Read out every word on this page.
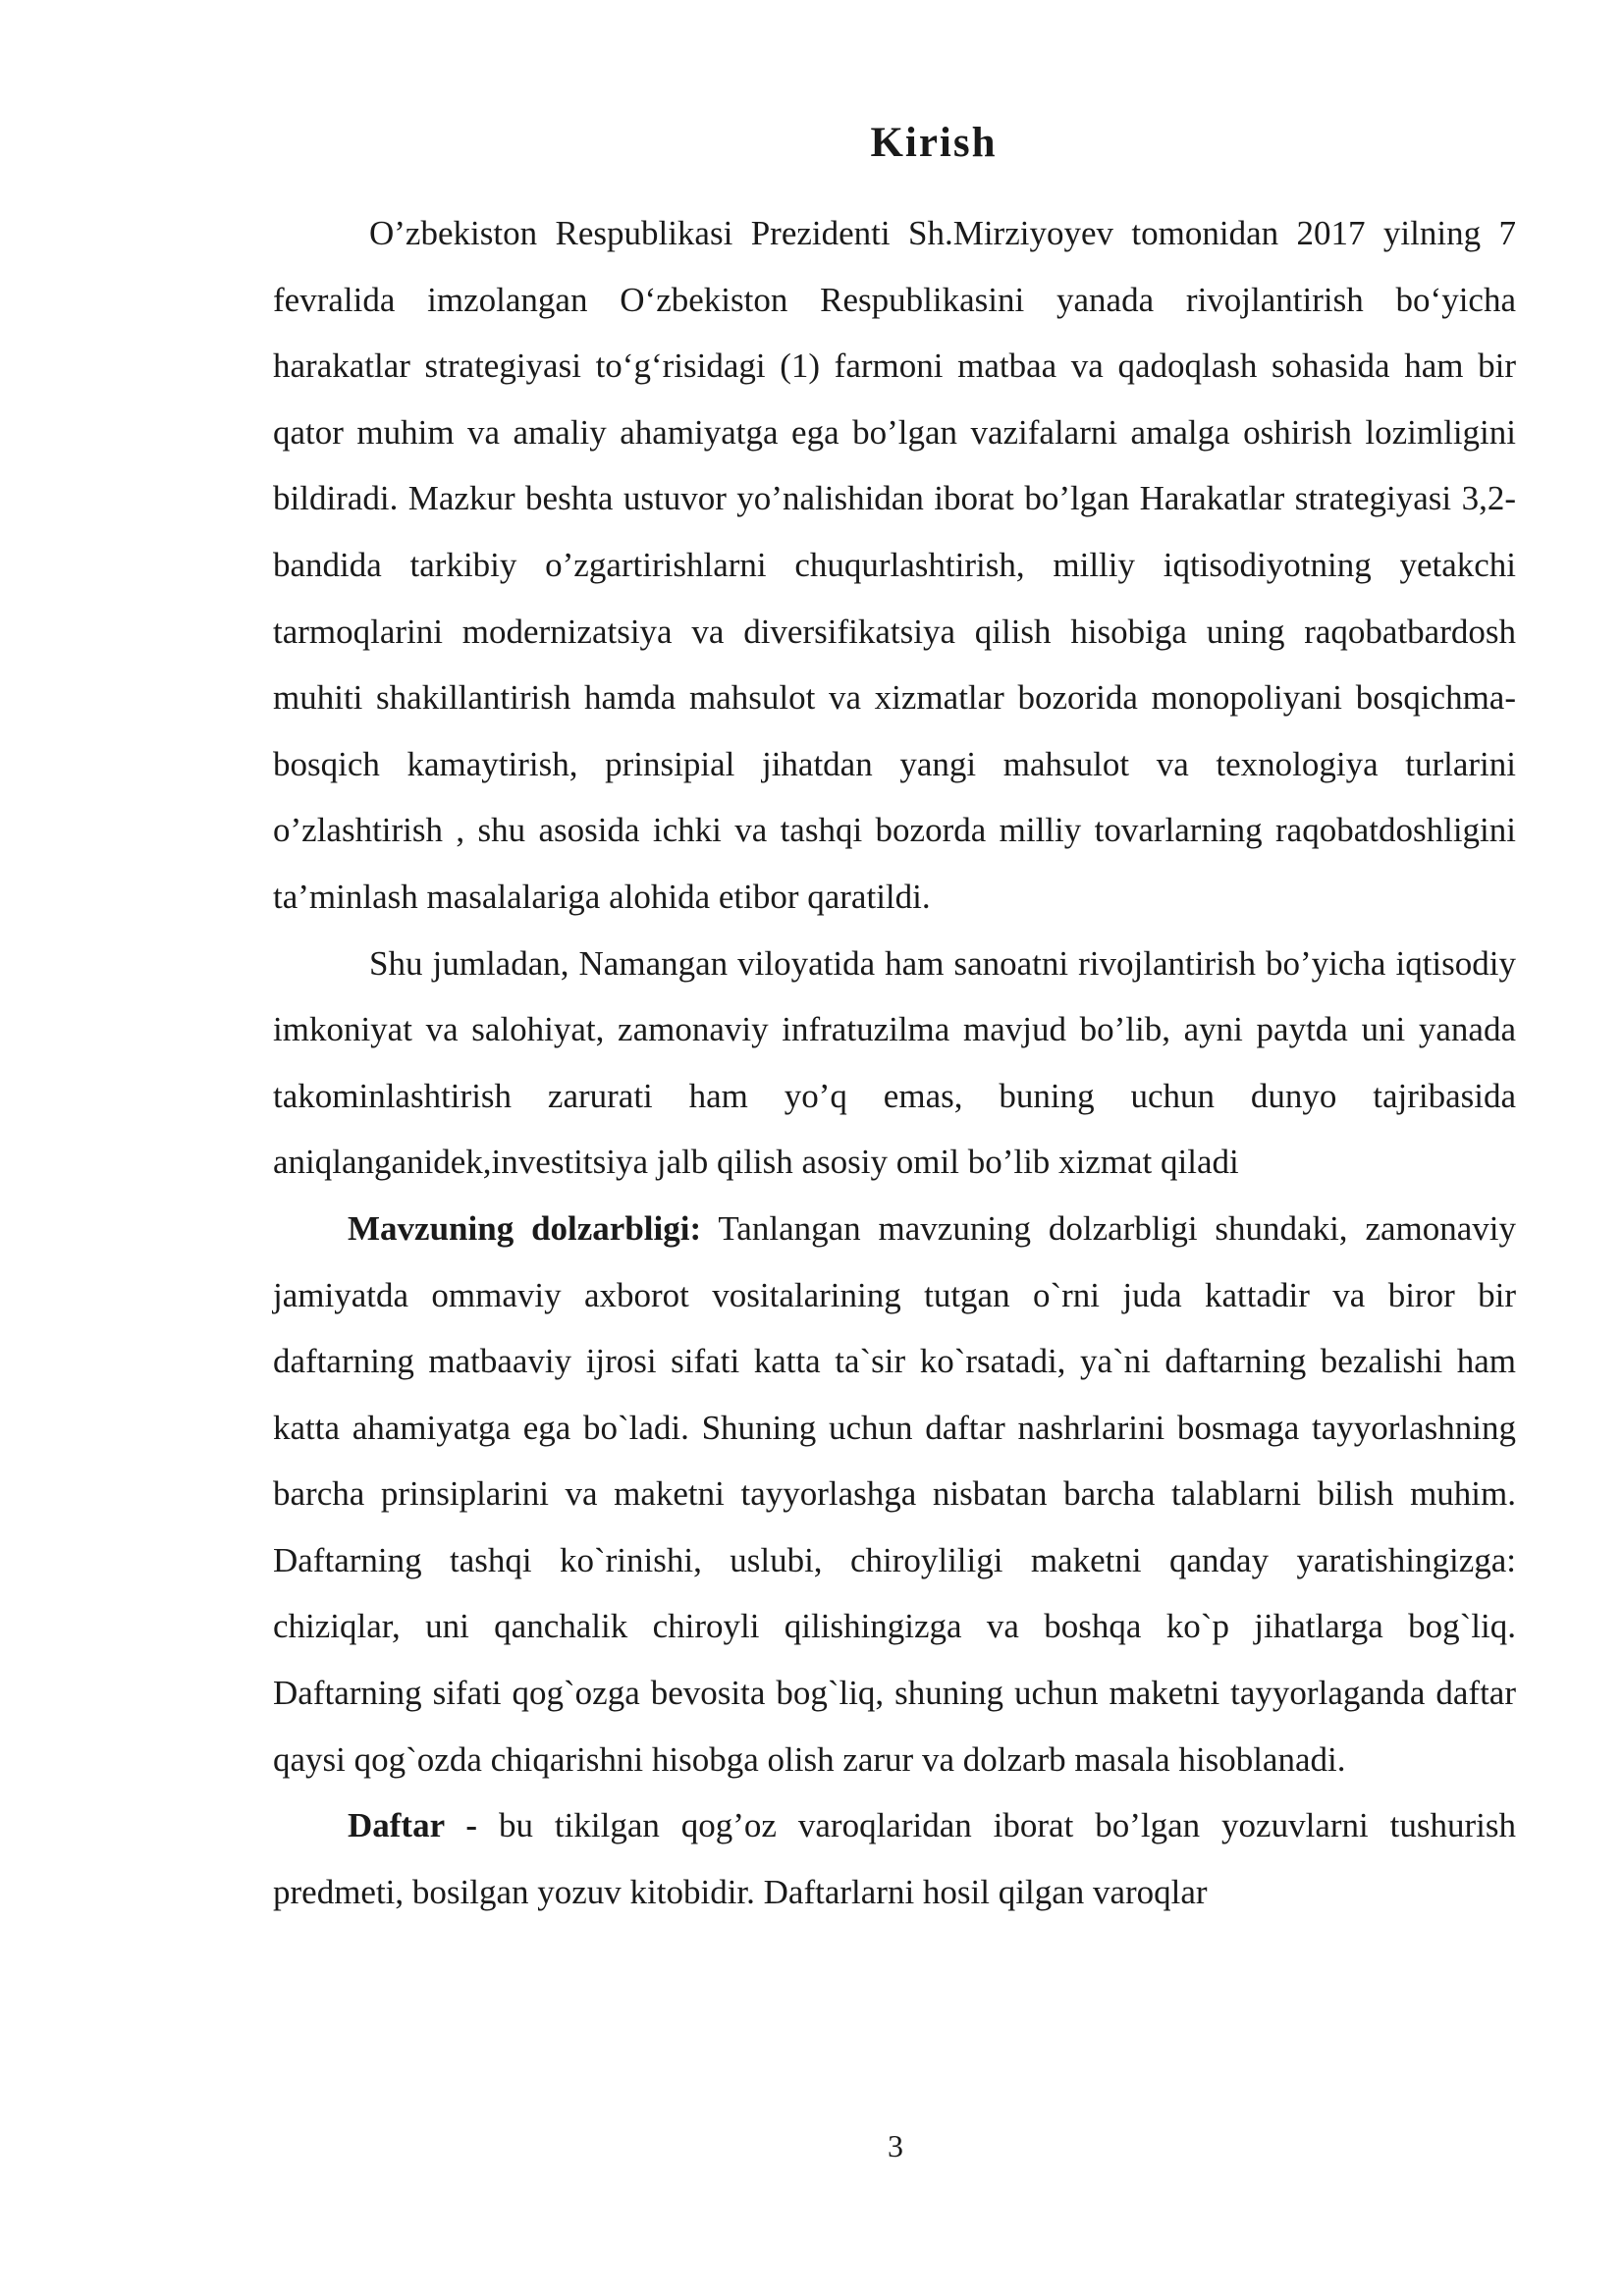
Kirish

O’zbekiston Respublikasi Prezidenti Sh.Mirziyoyev tomonidan 2017 yilning 7 fevralida imzolangan O‘zbekiston Respublikasini yanada rivojlantirish bo‘yicha harakatlar strategiyasi to‘g‘risidagi (1) farmoni matbaa va qadoqlash sohasida ham bir qator muhim va amaliy ahamiyatga ega bo’lgan vazifalarni amalga oshirish lozimligini bildiradi. Mazkur beshta ustuvor yo’nalishidan iborat bo’lgan Harakatlar strategiyasi 3,2-bandida tarkibiy o’zgartirishlarni chuqurlashtirish, milliy iqtisodiyotning yetakchi tarmoqlarini modernizatsiya va diversifikatsiya qilish hisobiga uning raqobatbardosh muhiti shakillantirish hamda mahsulot va xizmatlar bozorida monopoliyani bosqichma-bosqich kamaytirish, prinsipial jihatdan yangi mahsulot va texnologiya turlarini o’zlashtirish , shu asosida ichki va tashqi bozorda milliy tovarlarning raqobatdoshligini ta’minlash masalalariga alohida etibor qaratildi.

Shu jumladan, Namangan viloyatida ham sanoatni rivojlantirish bo’yicha iqtisodiy imkoniyat va salohiyat, zamonaviy infratuzilma mavjud bo’lib, ayni paytda uni yanada takominlashtirish zarurati ham yo’q emas, buning uchun dunyo tajribasida aniqlanganidek,investitsiya jalb qilish asosiy omil bo’lib xizmat qiladi

Mavzuning dolzarbligi: Tanlangan mavzuning dolzarbligi shundaki, zamonaviy jamiyatda ommaviy axborot vositalarining tutgan o`rni juda kattadir va biror bir daftarning matbaaviy ijrosi sifati katta ta`sir ko`rsatadi, ya`ni daftarning bezalishi ham katta ahamiyatga ega bo`ladi. Shuning uchun daftar nashrlarini bosmaga tayyorlashning barcha prinsiplarini va maketni tayyorlashga nisbatan barcha talablarni bilish muhim. Daftarning tashqi ko`rinishi, uslubi, chiroyliligi maketni qanday yaratishingizga: chiziqlar, uni qanchalik chiroyli qilishingizga va boshqa ko`p jihatlarga bog`liq. Daftarning sifati qog`ozga bevosita bog`liq, shuning uchun maketni tayyorlaganda daftar qaysi qog`ozda chiqarishni hisobga olish zarur va dolzarb masala hisoblanadi.

Daftar - bu tikilgan qog’oz varoqlaridan iborat bo’lgan yozuvlarni tushurish predmeti, bosilgan yozuv kitobidir. Daftarlarni hosil qilgan varoqlar

3
